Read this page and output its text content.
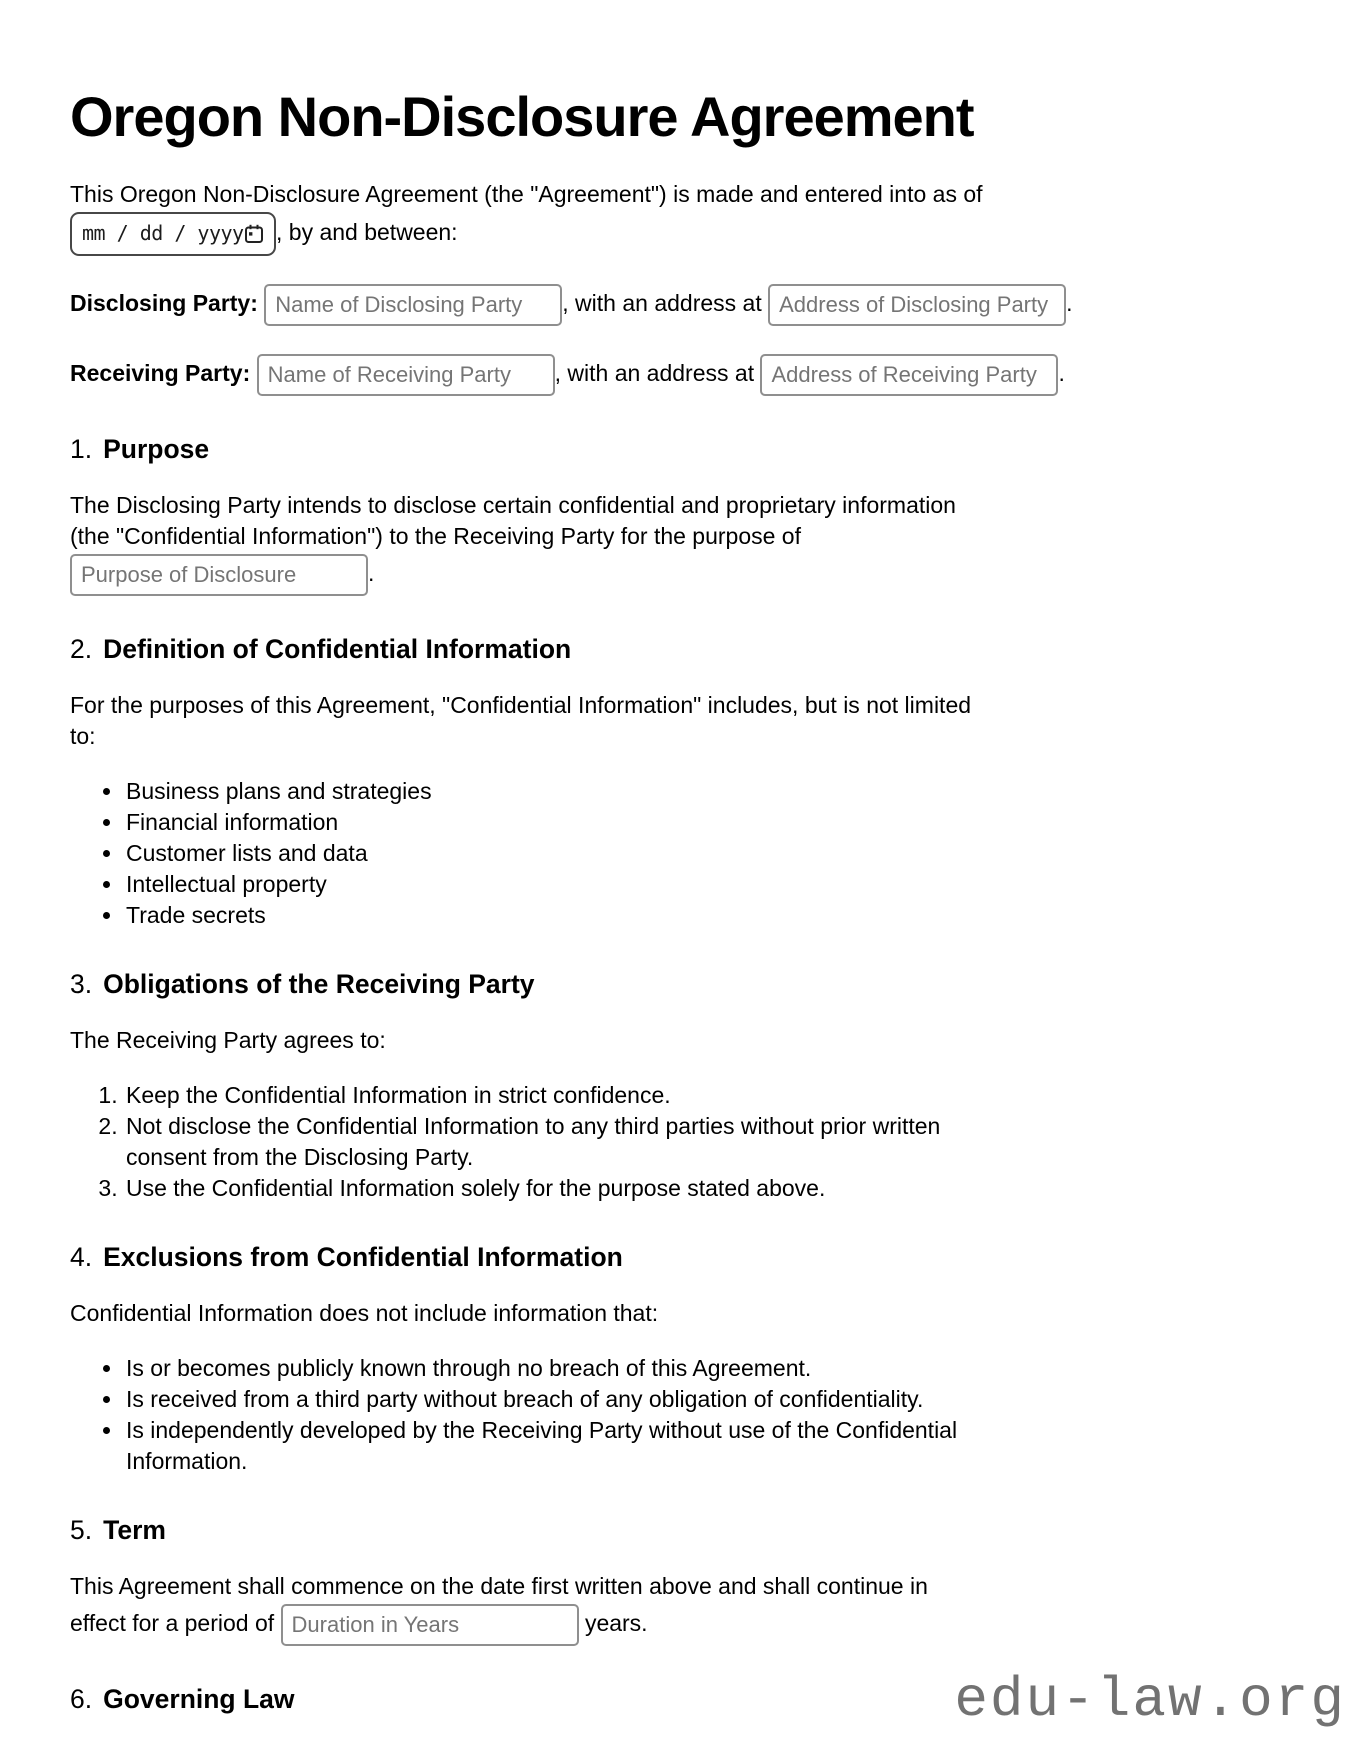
Oregon Non-Disclosure Agreement

This Oregon Non-Disclosure Agreement (the "Agreement") is made and entered into as of
mm / dd / yyyy , by and between:

Disclosing Party: Name of Disclosing Party	, with an address at Address of Disclosing Party	.

Receiving Party: Name of Receiving Party	, with an address at Address of Receiving Party	.

1. Purpose

The Disclosing Party intends to disclose certain confidential and proprietary information
(the "Confidential Information") to the Receiving Party for the purpose of
Purpose of Disclosure.

2. Definition of Confidential Information

For the purposes of this Agreement, "Confidential Information" includes, but is not limited
to:

• Business plans and strategies
• Financial information
• Customer lists and data
• Intellectual property
• Trade secrets
3. Obligations of the Receiving Party

The Receiving Party agrees to:

1. Keep the Confidential Information in strict confidence.
2. Not disclose the Confidential Information to any third parties without prior written
consent from the Disclosing Party.
3. Use the Confidential Information solely for the purpose stated above.
4. Exclusions from Confidential Information

Confidential Information does not include information that:

• Is or becomes publicly known through no breach of this Agreement.
• Is received from a third party without breach of any obligation of confidentiality.
• Is independently developed by the Receiving Party without use of the Confidential
Information.
5. Term

This Agreement shall commence on the date first written above and shall continue in
effect for a period of Duration in Years	years.

6. Governing Law	edu-law.org
